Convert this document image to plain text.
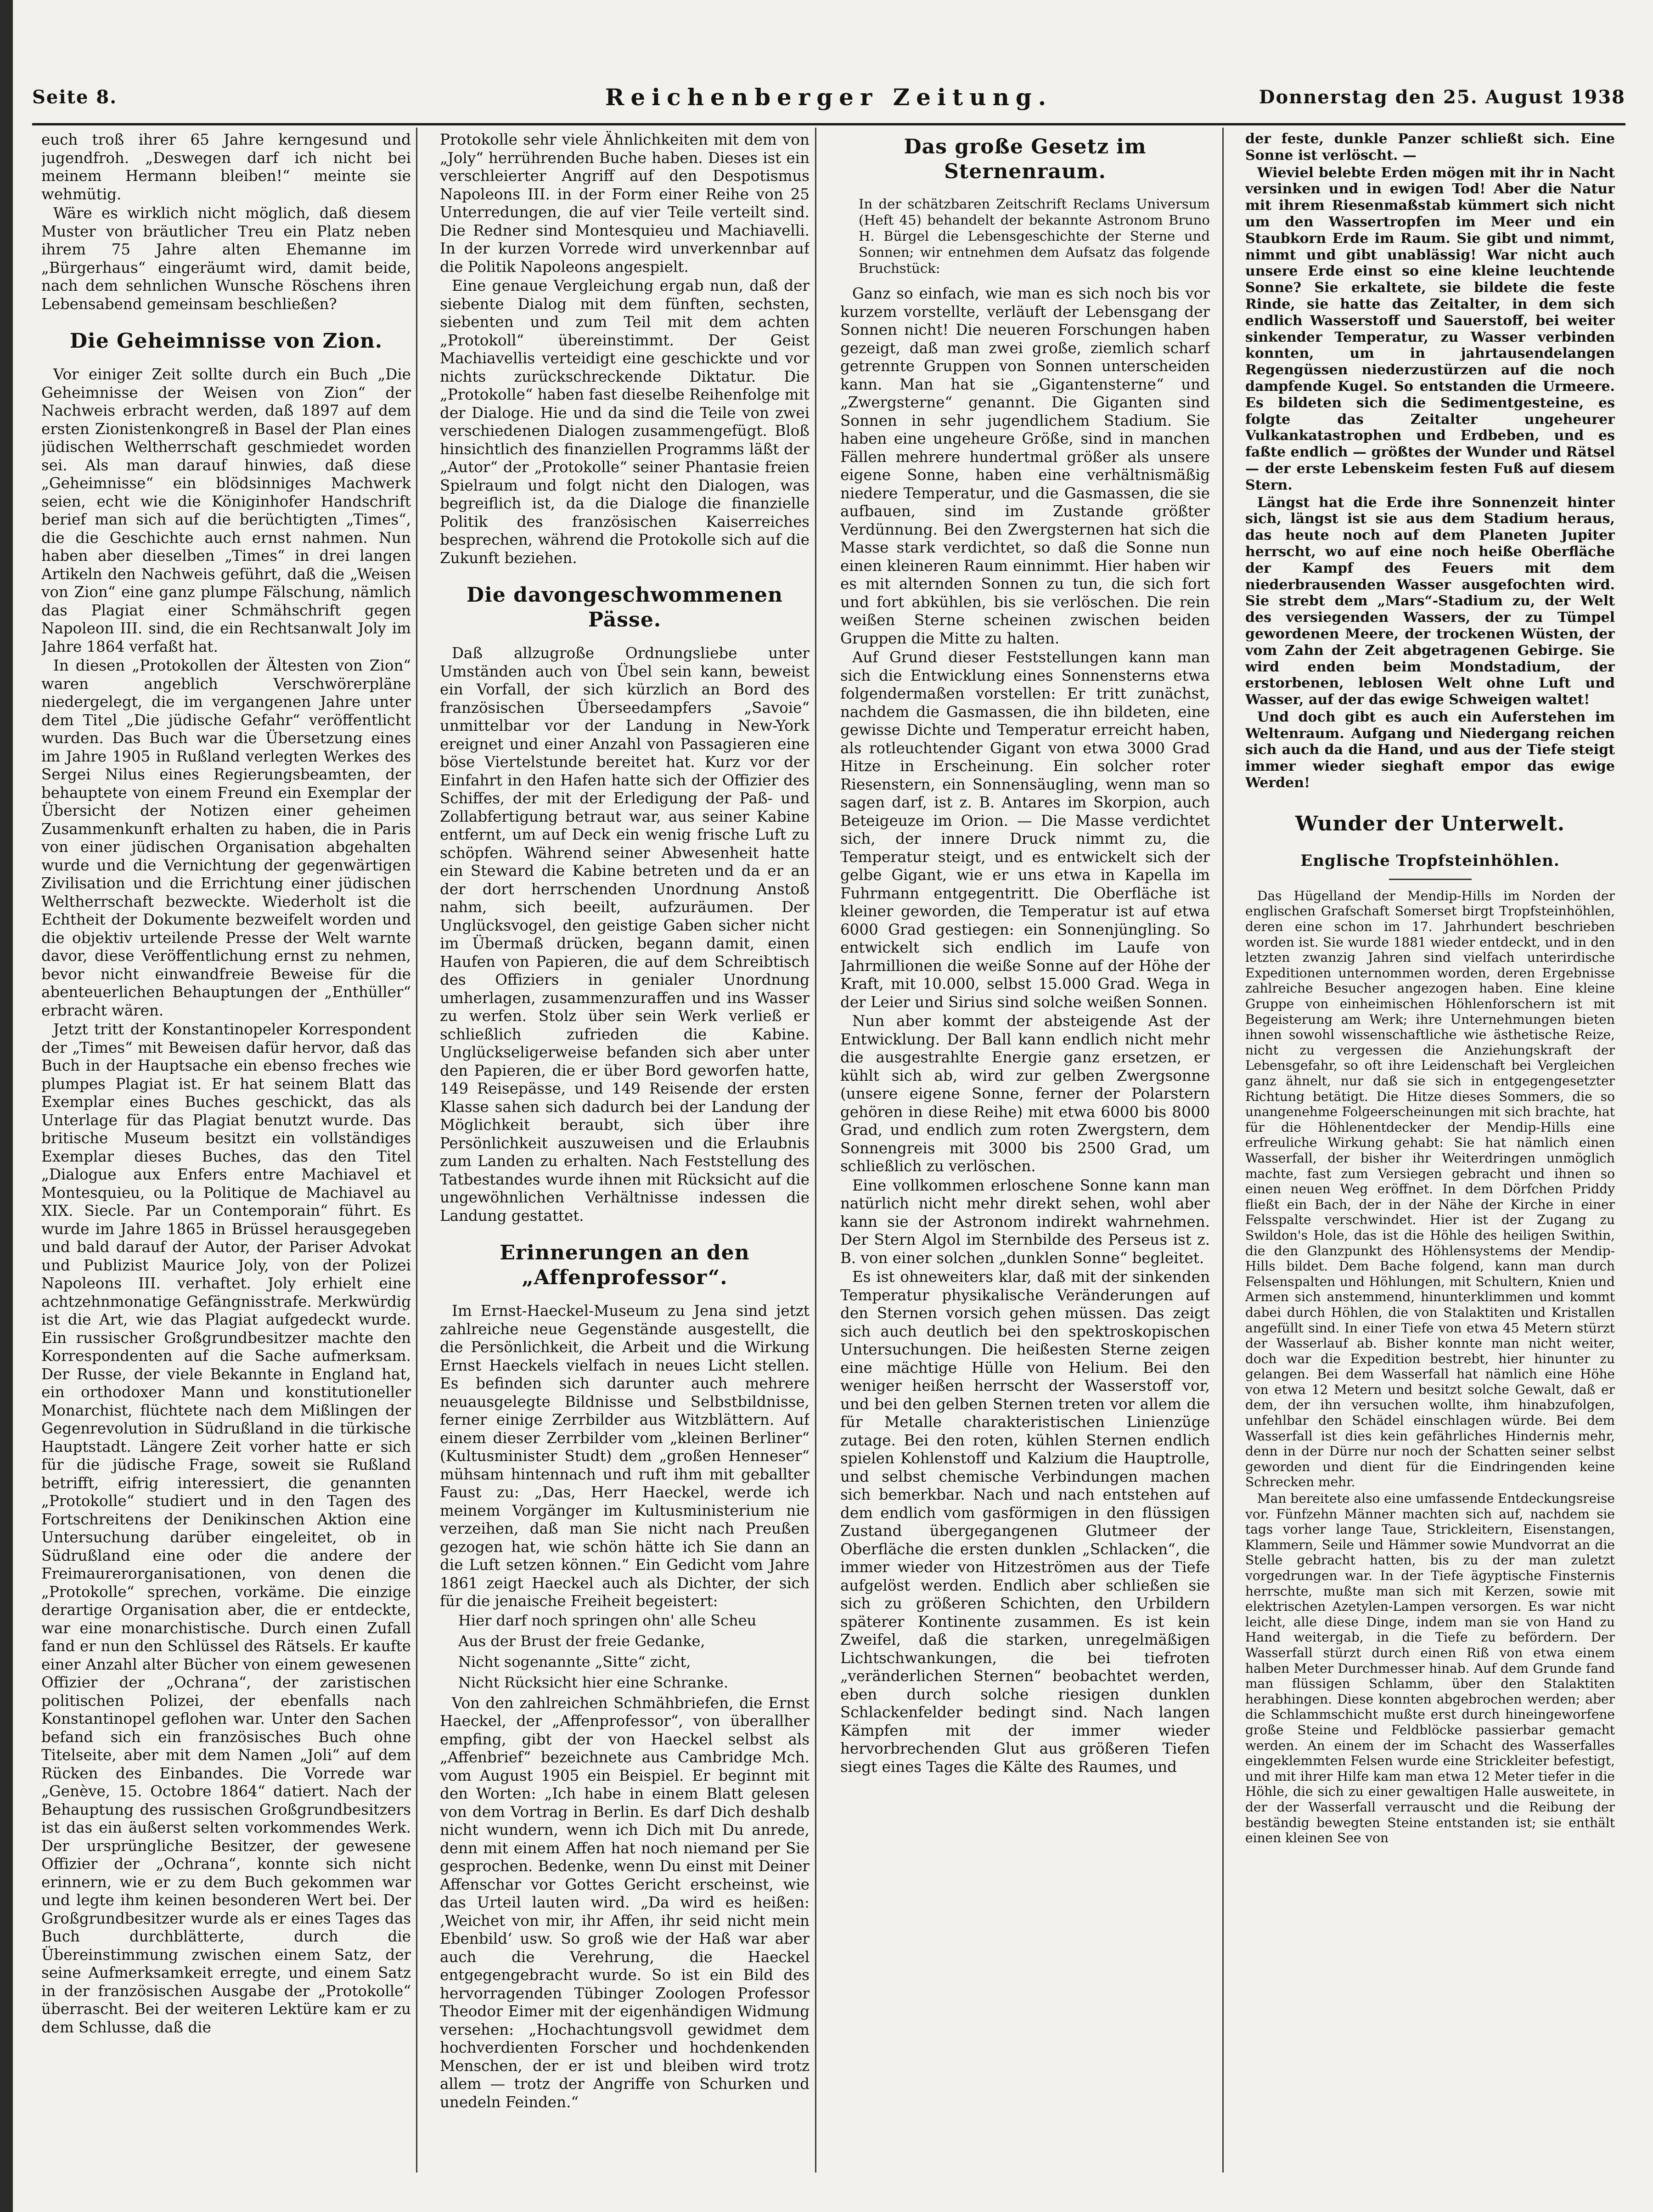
Seite 8.	Reichenberger Zeitung.	Donnerstag den 25. August 1938

euch troß ihrer 65 Jahre kerngesund und jugendfroh. „Deswegen darf ich nicht bei meinem Hermann bleiben!“ meinte sie wehmütig.

Wäre es wirklich nicht möglich, daß diesem Muster von bräutlicher Treu ein Platz neben ihrem 75 Jahre alten Ehemanne im „Bürgerhaus“ eingeräumt wird, damit beide, nach dem sehnlichen Wunsche Röschens ihren Lebensabend gemeinsam beschließen?

Die Geheimnisse von Zion.

Vor einiger Zeit sollte durch ein Buch „Die Geheimnisse der Weisen von Zion“ der Nachweis erbracht werden, daß 1897 auf dem ersten Zionistenkongreß in Basel der Plan eines jüdischen Weltherrschaft geschmiedet worden sei. Als man darauf hinwies, daß diese „Geheimnisse“ ein blödsinniges Machwerk seien, echt wie die Königinhofer Handschrift berief man sich auf die berüchtigten „Times“, die die Geschichte auch ernst nahmen. Nun haben aber dieselben „Times“ in drei langen Artikeln den Nachweis geführt, daß die „Weisen von Zion“ eine ganz plumpe Fälschung, nämlich das Plagiat einer Schmähschrift gegen Napoleon III. sind, die ein Rechtsanwalt Joly im Jahre 1864 verfaßt hat.

In diesen „Protokollen der Ältesten von Zion“ waren angeblich Verschwörerpläne niedergelegt, die im vergangenen Jahre unter dem Titel „Die jüdische Gefahr“ veröffentlicht wurden. Das Buch war die Übersetzung eines im Jahre 1905 in Rußland verlegten Werkes des Sergei Nilus eines Regierungsbeamten, der behauptete von einem Freund ein Exemplar der Übersicht der Notizen einer geheimen Zusammenkunft erhalten zu haben, die in Paris von einer jüdischen Organisation abgehalten wurde und die Vernichtung der gegenwärtigen Zivilisation und die Errichtung einer jüdischen Weltherrschaft bezweckte. Wiederholt ist die Echtheit der Dokumente bezweifelt worden und die objektiv urteilende Presse der Welt warnte davor, diese Veröffentlichung ernst zu nehmen, bevor nicht einwandfreie Beweise für die abenteuerlichen Behauptungen der „Enthüller“ erbracht wären.

Jetzt tritt der Konstantinopeler Korrespondent der „Times“ mit Beweisen dafür hervor, daß das Buch in der Hauptsache ein ebenso freches wie plumpes Plagiat ist. Er hat seinem Blatt das Exemplar eines Buches geschickt, das als Unterlage für das Plagiat benutzt wurde. Das britische Museum besitzt ein vollständiges Exemplar dieses Buches, das den Titel „Dialogue aux Enfers entre Machiavel et Montesquieu, ou la Politique de Machiavel au XIX. Siecle. Par un Contemporain“ führt. Es wurde im Jahre 1865 in Brüssel herausgegeben und bald darauf der Autor, der Pariser Advokat und Publizist Maurice Joly, von der Polizei Napoleons III. verhaftet. Joly erhielt eine achtzehnmonatige Gefängnisstrafe. Merkwürdig ist die Art, wie das Plagiat aufgedeckt wurde. Ein russischer Großgrundbesitzer machte den Korrespondenten auf die Sache aufmerksam. Der Russe, der viele Bekannte in England hat, ein orthodoxer Mann und konstitutioneller Monarchist, flüchtete nach dem Mißlingen der Gegenrevolution in Südrußland in die türkische Hauptstadt. Längere Zeit vorher hatte er sich für die jüdische Frage, soweit sie Rußland betrifft, eifrig interessiert, die genannten „Protokolle“ studiert und in den Tagen des Fortschreitens der Denikinschen Aktion eine Untersuchung darüber eingeleitet, ob in Südrußland eine oder die andere der Freimaurerorganisationen, von denen die „Protokolle“ sprechen, vorkäme. Die einzige derartige Organisation aber, die er entdeckte, war eine monarchistische. Durch einen Zufall fand er nun den Schlüssel des Rätsels. Er kaufte einer Anzahl alter Bücher von einem gewesenen Offizier der „Ochrana“, der zaristischen politischen Polizei, der ebenfalls nach Konstantinopel geflohen war. Unter den Sachen befand sich ein französisches Buch ohne Titelseite, aber mit dem Namen „Joli“ auf dem Rücken des Einbandes. Die Vorrede war „Genève, 15. Octobre 1864“ datiert. Nach der Behauptung des russischen Großgrundbesitzers ist das ein äußerst selten vorkommendes Werk. Der ursprüngliche Besitzer, der gewesene Offizier der „Ochrana“, konnte sich nicht erinnern, wie er zu dem Buch gekommen war und legte ihm keinen besonderen Wert bei. Der Großgrundbesitzer wurde als er eines Tages das Buch durchblätterte, durch die Übereinstimmung zwischen einem Satz, der seine Aufmerksamkeit erregte, und einem Satz in der französischen Ausgabe der „Protokolle“ überrascht. Bei der weiteren Lektüre kam er zu dem Schlusse, daß die

Protokolle sehr viele Ähnlichkeiten mit dem von „Joly“ herrührenden Buche haben. Dieses ist ein verschleierter Angriff auf den Despotismus Napoleons III. in der Form einer Reihe von 25 Unterredungen, die auf vier Teile verteilt sind. Die Redner sind Montesquieu und Machiavelli. In der kurzen Vorrede wird unverkennbar auf die Politik Napoleons angespielt.

Eine genaue Vergleichung ergab nun, daß der siebente Dialog mit dem fünften, sechsten, siebenten und zum Teil mit dem achten „Protokoll“ übereinstimmt. Der Geist Machiavellis verteidigt eine geschickte und vor nichts zurückschreckende Diktatur. Die „Protokolle“ haben fast dieselbe Reihenfolge mit der Dialoge. Hie und da sind die Teile von zwei verschiedenen Dialogen zusammengefügt. Bloß hinsichtlich des finanziellen Programms läßt der „Autor“ der „Protokolle“ seiner Phantasie freien Spielraum und folgt nicht den Dialogen, was begreiflich ist, da die Dialoge die finanzielle Politik des französischen Kaiserreiches besprechen, während die Protokolle sich auf die Zukunft beziehen.

Die davongeschwommenen Pässe.

Daß allzugroße Ordnungsliebe unter Umständen auch von Übel sein kann, beweist ein Vorfall, der sich kürzlich an Bord des französischen Überseedampfers „Savoie“ unmittelbar vor der Landung in New-York ereignet und einer Anzahl von Passagieren eine böse Viertelstunde bereitet hat. Kurz vor der Einfahrt in den Hafen hatte sich der Offizier des Schiffes, der mit der Erledigung der Paß- und Zollabfertigung betraut war, aus seiner Kabine entfernt, um auf Deck ein wenig frische Luft zu schöpfen. Während seiner Abwesenheit hatte ein Steward die Kabine betreten und da er an der dort herrschenden Unordnung Anstoß nahm, sich beeilt, aufzuräumen. Der Unglücksvogel, den geistige Gaben sicher nicht im Übermaß drücken, begann damit, einen Haufen von Papieren, die auf dem Schreibtisch des Offiziers in genialer Unordnung umherlagen, zusammenzuraffen und ins Wasser zu werfen. Stolz über sein Werk verließ er schließlich zufrieden die Kabine. Unglückseligerweise befanden sich aber unter den Papieren, die er über Bord geworfen hatte, 149 Reisepässe, und 149 Reisende der ersten Klasse sahen sich dadurch bei der Landung der Möglichkeit beraubt, sich über ihre Persönlichkeit auszuweisen und die Erlaubnis zum Landen zu erhalten. Nach Feststellung des Tatbestandes wurde ihnen mit Rücksicht auf die ungewöhnlichen Verhältnisse indessen die Landung gestattet.

Erinnerungen an den
„Affenprofessor“.

Im Ernst-Haeckel-Museum zu Jena sind jetzt zahlreiche neue Gegenstände ausgestellt, die die Persönlichkeit, die Arbeit und die Wirkung Ernst Haeckels vielfach in neues Licht stellen. Es befinden sich darunter auch mehrere neuausgelegte Bildnisse und Selbstbildnisse, ferner einige Zerrbilder aus Witzblättern. Auf einem dieser Zerrbilder vom „kleinen Berliner“ (Kultusminister Studt) dem „großen Henneser“ mühsam hintennach und ruft ihm mit geballter Faust zu: „Das, Herr Haeckel, werde ich meinem Vorgänger im Kultusministerium nie verzeihen, daß man Sie nicht nach Preußen gezogen hat, wie schön hätte ich Sie dann an die Luft setzen können.“ Ein Gedicht vom Jahre 1861 zeigt Haeckel auch als Dichter, der sich für die jenaische Freiheit begeistert:

Hier darf noch springen ohn' alle Scheu
Aus der Brust der freie Gedanke,
Nicht sogenannte „Sitte“ zicht,
Nicht Rücksicht hier eine Schranke.

Von den zahlreichen Schmähbriefen, die Ernst Haeckel, der „Affenprofessor“, von überallher empfing, gibt der von Haeckel selbst als „Affenbrief“ bezeichnete aus Cambridge Mch. vom August 1905 ein Beispiel. Er beginnt mit den Worten: „Ich habe in einem Blatt gelesen von dem Vortrag in Berlin. Es darf Dich deshalb nicht wundern, wenn ich Dich mit Du anrede, denn mit einem Affen hat noch niemand per Sie gesprochen. Bedenke, wenn Du einst mit Deiner Affenschar vor Gottes Gericht erscheinst, wie das Urteil lauten wird. „Da wird es heißen: ‚Weichet von mir, ihr Affen, ihr seid nicht mein Ebenbild‘ usw. So groß wie der Haß war aber auch die Verehrung, die Haeckel entgegengebracht wurde. So ist ein Bild des hervorragenden Tübinger Zoologen Professor Theodor Eimer mit der eigenhändigen Widmung versehen: „Hochachtungsvoll gewidmet dem hochverdienten Forscher und hochdenkenden Menschen, der er ist und bleiben wird trotz allem — trotz der Angriffe von Schurken und unedeln Feinden.“

Das große Gesetz im Sternenraum.
In der schätzbaren Zeitschrift Reclams Universum (Heft 45) behandelt der bekannte Astronom Bruno H. Bürgel die Lebensgeschichte der Sterne und Sonnen; wir entnehmen dem Aufsatz das folgende Bruchstück:

Ganz so einfach, wie man es sich noch bis vor kurzem vorstellte, verläuft der Lebensgang der Sonnen nicht! Die neueren Forschungen haben gezeigt, daß man zwei große, ziemlich scharf getrennte Gruppen von Sonnen unterscheiden kann. Man hat sie „Gigantensterne“ und „Zwergsterne“ genannt. Die Giganten sind Sonnen in sehr jugendlichem Stadium. Sie haben eine ungeheure Größe, sind in manchen Fällen mehrere hundertmal größer als unsere eigene Sonne, haben eine verhältnismäßig niedere Temperatur, und die Gasmassen, die sie aufbauen, sind im Zustande größter Verdünnung. Bei den Zwergsternen hat sich die Masse stark verdichtet, so daß die Sonne nun einen kleineren Raum einnimmt. Hier haben wir es mit alternden Sonnen zu tun, die sich fort und fort abkühlen, bis sie verlöschen. Die rein weißen Sterne scheinen zwischen beiden Gruppen die Mitte zu halten.

Auf Grund dieser Feststellungen kann man sich die Entwicklung eines Sonnensterns etwa folgendermaßen vorstellen: Er tritt zunächst, nachdem die Gasmassen, die ihn bildeten, eine gewisse Dichte und Temperatur erreicht haben, als rotleuchtender Gigant von etwa 3000 Grad Hitze in Erscheinung. Ein solcher roter Riesenstern, ein Sonnensäugling, wenn man so sagen darf, ist z. B. Antares im Skorpion, auch Beteigeuze im Orion. — Die Masse verdichtet sich, der innere Druck nimmt zu, die Temperatur steigt, und es entwickelt sich der gelbe Gigant, wie er uns etwa in Kapella im Fuhrmann entgegentritt. Die Oberfläche ist kleiner geworden, die Temperatur ist auf etwa 6000 Grad gestiegen: ein Sonnenjüngling. So entwickelt sich endlich im Laufe von Jahrmillionen die weiße Sonne auf der Höhe der Kraft, mit 10.000, selbst 15.000 Grad. Wega in der Leier und Sirius sind solche weißen Sonnen.

Nun aber kommt der absteigende Ast der Entwicklung. Der Ball kann endlich nicht mehr die ausgestrahlte Energie ganz ersetzen, er kühlt sich ab, wird zur gelben Zwergsonne (unsere eigene Sonne, ferner der Polarstern gehören in diese Reihe) mit etwa 6000 bis 8000 Grad, und endlich zum roten Zwergstern, dem Sonnengreis mit 3000 bis 2500 Grad, um schließlich zu verlöschen.

Eine vollkommen erloschene Sonne kann man natürlich nicht mehr direkt sehen, wohl aber kann sie der Astronom indirekt wahrnehmen. Der Stern Algol im Sternbilde des Perseus ist z. B. von einer solchen „dunklen Sonne“ begleitet.

Es ist ohneweiters klar, daß mit der sinkenden Temperatur physikalische Veränderungen auf den Sternen vorsich gehen müssen. Das zeigt sich auch deutlich bei den spektroskopischen Untersuchungen. Die heißesten Sterne zeigen eine mächtige Hülle von Helium. Bei den weniger heißen herrscht der Wasserstoff vor, und bei den gelben Sternen treten vor allem die für Metalle charakteristischen Linienzüge zutage. Bei den roten, kühlen Sternen endlich spielen Kohlenstoff und Kalzium die Hauptrolle, und selbst chemische Verbindungen machen sich bemerkbar. Nach und nach entstehen auf dem endlich vom gasförmigen in den flüssigen Zustand übergegangenen Glutmeer der Oberfläche die ersten dunklen „Schlacken“, die immer wieder von Hitzeströmen aus der Tiefe aufgelöst werden. Endlich aber schließen sie sich zu größeren Schichten, den Urbildern späterer Kontinente zusammen. Es ist kein Zweifel, daß die starken, unregelmäßigen Lichtschwankungen, die bei tiefroten „veränderlichen Sternen“ beobachtet werden, eben durch solche riesigen dunklen Schlackenfelder bedingt sind. Nach langen Kämpfen mit der immer wieder hervorbrechenden Glut aus größeren Tiefen siegt eines Tages die Kälte des Raumes, und

der feste, dunkle Panzer schließt sich. Eine Sonne ist verlöscht. —

Wieviel belebte Erden mögen mit ihr in Nacht versinken und in ewigen Tod! Aber die Natur mit ihrem Riesenmaßstab kümmert sich nicht um den Wassertropfen im Meer und ein Staubkorn Erde im Raum. Sie gibt und nimmt, nimmt und gibt unablässig! War nicht auch unsere Erde einst so eine kleine leuchtende Sonne? Sie erkaltete, sie bildete die feste Rinde, sie hatte das Zeitalter, in dem sich endlich Wasserstoff und Sauerstoff, bei weiter sinkender Temperatur, zu Wasser verbinden konnten, um in jahrtausendelangen Regengüssen niederzustürzen auf die noch dampfende Kugel. So entstanden die Urmeere. Es bildeten sich die Sedimentgesteine, es folgte das Zeitalter ungeheurer Vulkankatastrophen und Erdbeben, und es faßte endlich — größtes der Wunder und Rätsel — der erste Lebenskeim festen Fuß auf diesem Stern.

Längst hat die Erde ihre Sonnenzeit hinter sich, längst ist sie aus dem Stadium heraus, das heute noch auf dem Planeten Jupiter herrscht, wo auf eine noch heiße Oberfläche der Kampf des Feuers mit dem niederbrausenden Wasser ausgefochten wird. Sie strebt dem „Mars“-Stadium zu, der Welt des versiegenden Wassers, der zu Tümpel gewordenen Meere, der trockenen Wüsten, der vom Zahn der Zeit abgetragenen Gebirge. Sie wird enden beim Mondstadium, der erstorbenen, leblosen Welt ohne Luft und Wasser, auf der das ewige Schweigen waltet!

Und doch gibt es auch ein Auferstehen im Weltenraum. Aufgang und Niedergang reichen sich auch da die Hand, und aus der Tiefe steigt immer wieder sieghaft empor das ewige Werden!

Wunder der Unterwelt.
Englische Tropfsteinhöhlen.

Das Hügelland der Mendip-Hills im Norden der englischen Grafschaft Somerset birgt Tropfsteinhöhlen, deren eine schon im 17. Jahrhundert beschrieben worden ist. Sie wurde 1881 wieder entdeckt, und in den letzten zwanzig Jahren sind vielfach unterirdische Expeditionen unternommen worden, deren Ergebnisse zahlreiche Besucher angezogen haben. Eine kleine Gruppe von einheimischen Höhlenforschern ist mit Begeisterung am Werk; ihre Unternehmungen bieten ihnen sowohl wissenschaftliche wie ästhetische Reize, nicht zu vergessen die Anziehungskraft der Lebensgefahr, so oft ihre Leidenschaft bei Vergleichen ganz ähnelt, nur daß sie sich in entgegengesetzter Richtung betätigt. Die Hitze dieses Sommers, die so unangenehme Folgeerscheinungen mit sich brachte, hat für die Höhlenentdecker der Mendip-Hills eine erfreuliche Wirkung gehabt: Sie hat nämlich einen Wasserfall, der bisher ihr Weiterdringen unmöglich machte, fast zum Versiegen gebracht und ihnen so einen neuen Weg eröffnet. In dem Dörfchen Priddy fließt ein Bach, der in der Nähe der Kirche in einer Felsspalte verschwindet. Hier ist der Zugang zu Swildon's Hole, das ist die Höhle des heiligen Swithin, die den Glanzpunkt des Höhlensystems der Mendip-Hills bildet. Dem Bache folgend, kann man durch Felsenspalten und Höhlungen, mit Schultern, Knien und Armen sich anstemmend, hinunterklimmen und kommt dabei durch Höhlen, die von Stalaktiten und Kristallen angefüllt sind. In einer Tiefe von etwa 45 Metern stürzt der Wasserlauf ab. Bisher konnte man nicht weiter, doch war die Expedition bestrebt, hier hinunter zu gelangen. Bei dem Wasserfall hat nämlich eine Höhe von etwa 12 Metern und besitzt solche Gewalt, daß er dem, der ihn versuchen wollte, ihm hinabzufolgen, unfehlbar den Schädel einschlagen würde. Bei dem Wasserfall ist dies kein gefährliches Hindernis mehr, denn in der Dürre nur noch der Schatten seiner selbst geworden und dient für die Eindringenden keine Schrecken mehr.

Man bereitete also eine umfassende Entdeckungsreise vor. Fünfzehn Männer machten sich auf, nachdem sie tags vorher lange Taue, Strickleitern, Eisenstangen, Klammern, Seile und Hämmer sowie Mundvorrat an die Stelle gebracht hatten, bis zu der man zuletzt vorgedrungen war. In der Tiefe ägyptische Finsternis herrschte, mußte man sich mit Kerzen, sowie mit elektrischen Azetylen-Lampen versorgen. Es war nicht leicht, alle diese Dinge, indem man sie von Hand zu Hand weitergab, in die Tiefe zu befördern. Der Wasserfall stürzt durch einen Riß von etwa einem halben Meter Durchmesser hinab. Auf dem Grunde fand man flüssigen Schlamm, über den Stalaktiten herabhingen. Diese konnten abgebrochen werden; aber die Schlammschicht mußte erst durch hineingeworfene große Steine und Feldblöcke passierbar gemacht werden. An einem der im Schacht des Wasserfalles eingeklemmten Felsen wurde eine Strickleiter befestigt, und mit ihrer Hilfe kam man etwa 12 Meter tiefer in die Höhle, die sich zu einer gewaltigen Halle ausweitete, in der der Wasserfall verrauscht und die Reibung der beständig bewegten Steine entstanden ist; sie enthält einen kleinen See von
